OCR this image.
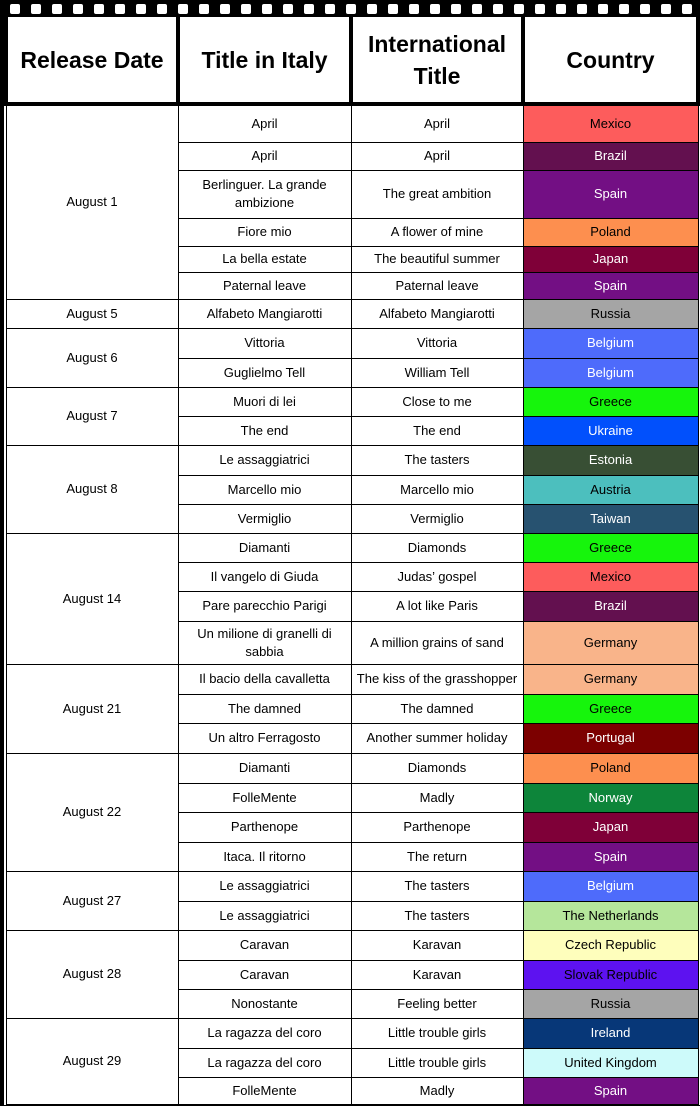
Release Date	Title in Italy	International Title	Country
August 1	April	April	Mexico
	April	April	Brazil
	Berlinguer. La grande ambizione	The great ambition	Spain
	Fiore mio	A flower of mine	Poland
	La bella estate	The beautiful summer	Japan
	Paternal leave	Paternal leave	Spain
August 5	Alfabeto Mangiarotti	Alfabeto Mangiarotti	Russia
August 6	Vittoria	Vittoria	Belgium
	Guglielmo Tell	William Tell	Belgium
August 7	Muori di lei	Close to me	Greece
	The end	The end	Ukraine
August 8	Le assaggiatrici	The tasters	Estonia
	Marcello mio	Marcello mio	Austria
	Vermiglio	Vermiglio	Taiwan
August 14	Diamanti	Diamonds	Greece
	Il vangelo di Giuda	Judas’ gospel	Mexico
	Pare parecchio Parigi	A lot like Paris	Brazil
	Un milione di granelli di sabbia	A million grains of sand	Germany
August 21	Il bacio della cavalletta	The kiss of the grasshopper	Germany
	The damned	The damned	Greece
	Un altro Ferragosto	Another summer holiday	Portugal
August 22	Diamanti	Diamonds	Poland
	FolleMente	Madly	Norway
	Parthenope	Parthenope	Japan
	Itaca. Il ritorno	The return	Spain
August 27	Le assaggiatrici	The tasters	Belgium
	Le assaggiatrici	The tasters	The Netherlands
August 28	Caravan	Karavan	Czech Republic
	Caravan	Karavan	Slovak Republic
	Nonostante	Feeling better	Russia
August 29	La ragazza del coro	Little trouble girls	Ireland
	La ragazza del coro	Little trouble girls	United Kingdom
	FolleMente	Madly	Spain
